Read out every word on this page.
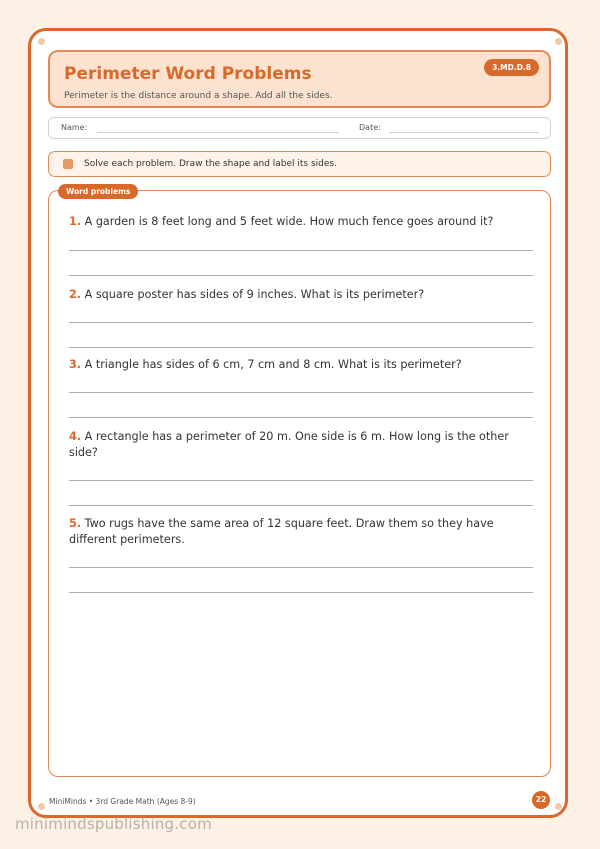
Perimeter Word Problems
Perimeter is the distance around a shape. Add all the sides.
3.MD.D.8
Name:	Date:
Solve each problem. Draw the shape and label its sides.
Word problems
1. A garden is 8 feet long and 5 feet wide. How much fence goes around it?
2. A square poster has sides of 9 inches. What is its perimeter?
3. A triangle has sides of 6 cm, 7 cm and 8 cm. What is its perimeter?
4. A rectangle has a perimeter of 20 m. One side is 6 m. How long is the other side?
5. Two rugs have the same area of 12 square feet. Draw them so they have different perimeters.
MiniMinds • 3rd Grade Math (Ages 8-9)	22
minimindspublishing.com
